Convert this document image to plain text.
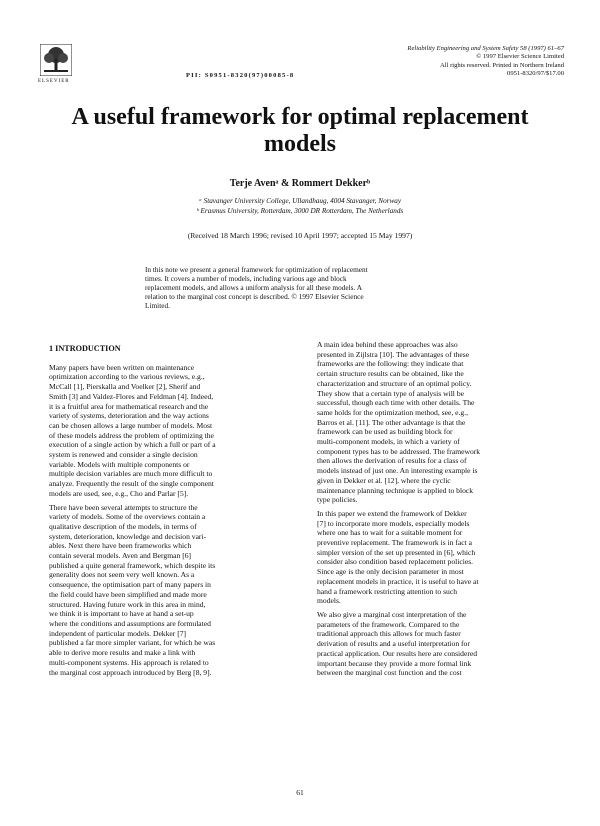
ELSEVIER
PII: S0951-8320(97)00085-8
Reliability Engineering and System Safety 58 (1997) 61–67
© 1997 Elsevier Science Limited
All rights reserved. Printed in Northern Ireland
0951-8320/97/$17.00
A useful framework for optimal replacement
models
Terje Avenᵃ & Rommert Dekkerᵇ
ᵃ Stavanger University College, Ullandhaug, 4004 Stavanger, Norway
ᵇ Erasmus University, Rotterdam, 3000 DR Rotterdam, The Netherlands
(Received 18 March 1996; revised 10 April 1997; accepted 15 May 1997)
In this note we present a general framework for optimization of replacement
times. It covers a number of models, including various age and block
replacement models, and allows a uniform analysis for all these models. A
relation to the marginal cost concept is described. © 1997 Elsevier Science
Limited.
1 INTRODUCTION
Many papers have been written on maintenance
optimization according to the various reviews, e.g.,
McCall [1], Pierskalla and Voelker [2], Sherif and
Smith [3] and Valdez-Flores and Feldman [4]. Indeed,
it is a fruitful area for mathematical research and the
variety of systems, deterioration and the way actions
can be chosen allows a large number of models. Most
of these models address the problem of optimizing the
execution of a single action by which a full or part of a
system is renewed and consider a single decision
variable. Models with multiple components or
multiple decision variables are much more difficult to
analyze. Frequently the result of the single component
models are used, see, e.g., Cho and Parlar [5].
There have been several attempts to structure the
variety of models. Some of the overviews contain a
qualitative description of the models, in terms of
system, deterioration, knowledge and decision vari-
ables. Next there have been frameworks which
contain several models. Aven and Bergman [6]
published a quite general framework, which despite its
generality does not seem very well known. As a
consequence, the optimisation part of many papers in
the field could have been simplified and made more
structured. Having future work in this area in mind,
we think it is important to have at hand a set-up
where the conditions and assumptions are formulated
independent of particular models. Dekker [7]
published a far more simpler variant, for which he was
able to derive more results and make a link with
multi-component systems. His approach is related to
the marginal cost approach introduced by Berg [8, 9].
A main idea behind these approaches was also
presented in Zijlstra [10]. The advantages of these
frameworks are the following: they indicate that
certain structure results can be obtained, like the
characterization and structure of an optimal policy.
They show that a certain type of analysis will be
successful, though each time with other details. The
same holds for the optimization method, see, e.g.,
Barros et al. [11]. The other advantage is that the
framework can be used as building block for
multi-component models, in which a variety of
component types has to be addressed. The framework
then allows the derivation of results for a class of
models instead of just one. An interesting example is
given in Dekker et al. [12], where the cyclic
maintenance planning technique is applied to block
type policies.
In this paper we extend the framework of Dekker
[7] to incorporate more models, especially models
where one has to wait for a suitable moment for
preventive replacement. The framework is in fact a
simpler version of the set up presented in [6], which
consider also condition based replacement policies.
Since age is the only decision parameter in most
replacement models in practice, it is useful to have at
hand a framework restricting attention to such
models.
We also give a marginal cost interpretation of the
parameters of the framework. Compared to the
traditional approach this allows for much faster
derivation of results and a useful interpretation for
practical application. Our results here are considered
important because they provide a more formal link
between the marginal cost function and the cost
61
